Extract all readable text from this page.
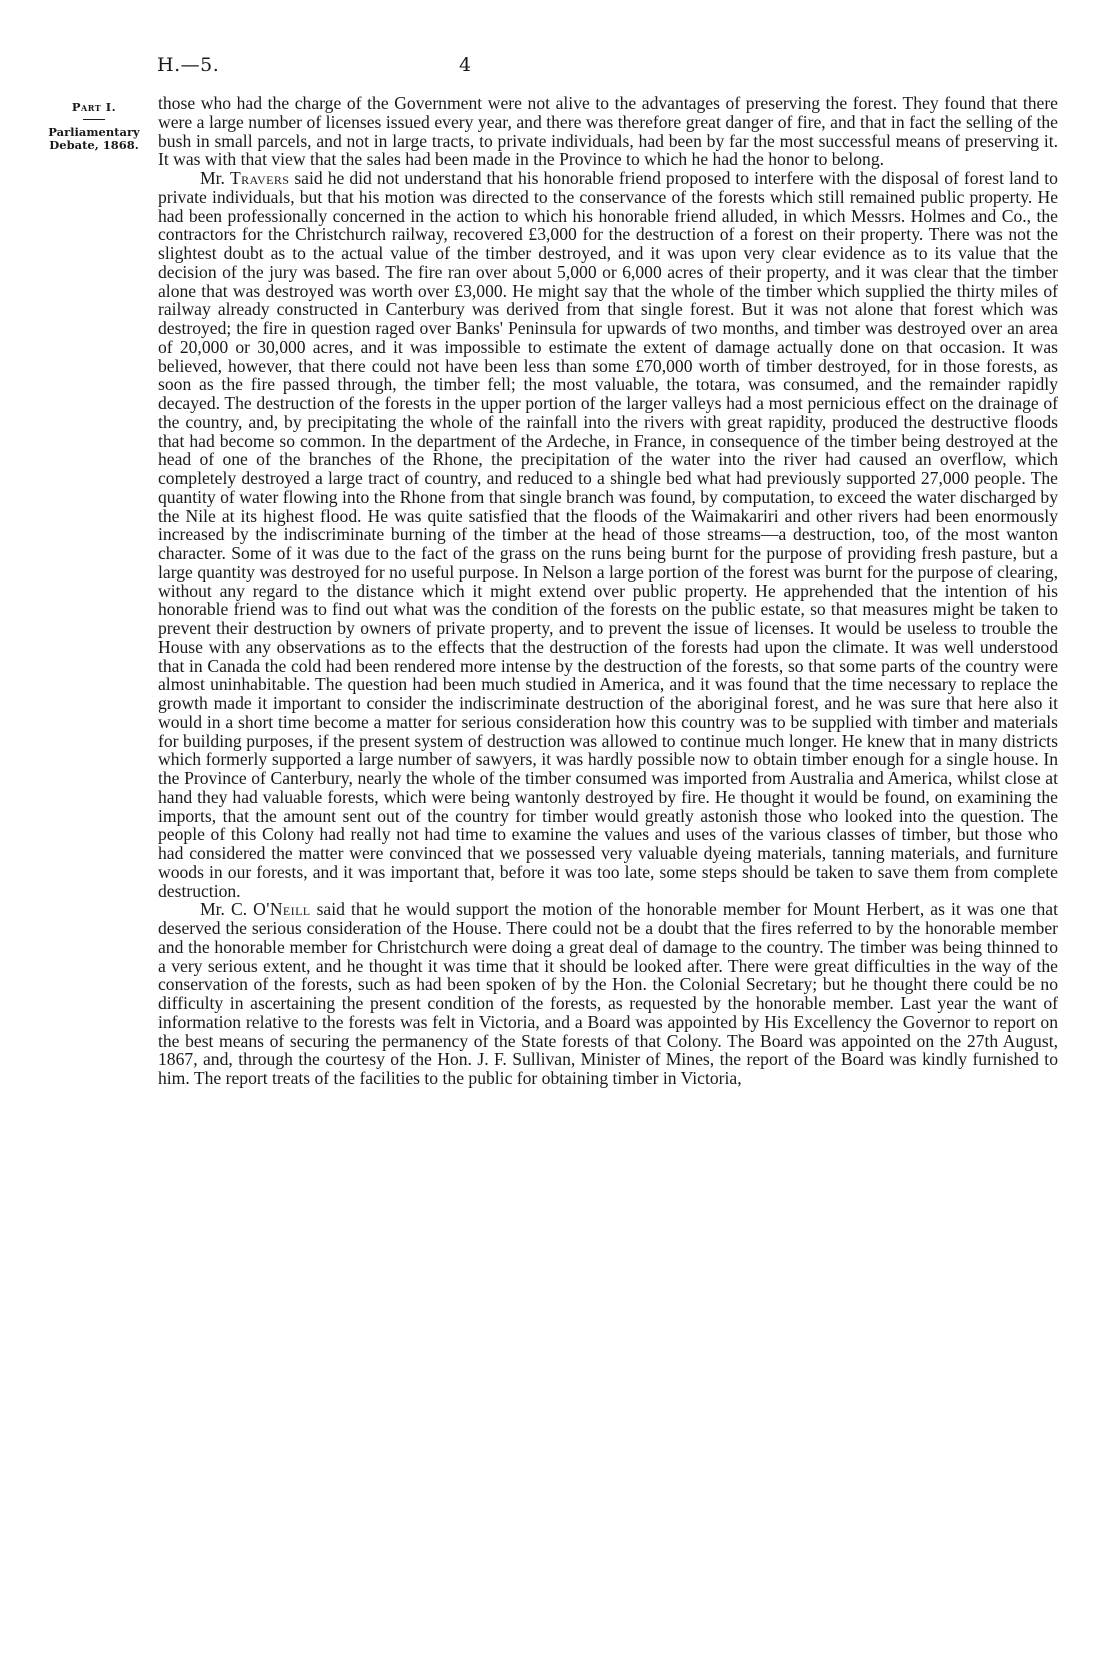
H.—5.	4
Part I.
Parliamentary Debate, 1868.

those who had the charge of the Government were not alive to the advantages of preserving the forest. They found that there were a large number of licenses issued every year, and there was therefore great danger of fire, and that in fact the selling of the bush in small parcels, and not in large tracts, to private individuals, had been by far the most successful means of preserving it. It was with that view that the sales had been made in the Province to which he had the honor to belong.

Mr. Travers said he did not understand that his honorable friend proposed to interfere with the disposal of forest land to private individuals, but that his motion was directed to the conservance of the forests which still remained public property. He had been professionally concerned in the action to which his honorable friend alluded, in which Messrs. Holmes and Co., the contractors for the Christchurch railway, recovered £3,000 for the destruction of a forest on their property. There was not the slightest doubt as to the actual value of the timber destroyed, and it was upon very clear evidence as to its value that the decision of the jury was based. The fire ran over about 5,000 or 6,000 acres of their property, and it was clear that the timber alone that was destroyed was worth over £3,000. He might say that the whole of the timber which supplied the thirty miles of railway already constructed in Canterbury was derived from that single forest. But it was not alone that forest which was destroyed; the fire in question raged over Banks' Peninsula for upwards of two months, and timber was destroyed over an area of 20,000 or 30,000 acres, and it was impossible to estimate the extent of damage actually done on that occasion. It was believed, however, that there could not have been less than some £70,000 worth of timber destroyed, for in those forests, as soon as the fire passed through, the timber fell; the most valuable, the totara, was consumed, and the remainder rapidly decayed. The destruction of the forests in the upper portion of the larger valleys had a most pernicious effect on the drainage of the country, and, by precipitating the whole of the rainfall into the rivers with great rapidity, produced the destructive floods that had become so common. In the department of the Ardeche, in France, in consequence of the timber being destroyed at the head of one of the branches of the Rhone, the precipitation of the water into the river had caused an overflow, which completely destroyed a large tract of country, and reduced to a shingle bed what had previously supported 27,000 people. The quantity of water flowing into the Rhone from that single branch was found, by computation, to exceed the water discharged by the Nile at its highest flood. He was quite satisfied that the floods of the Waimakariri and other rivers had been enormously increased by the indiscriminate burning of the timber at the head of those streams—a destruction, too, of the most wanton character. Some of it was due to the fact of the grass on the runs being burnt for the purpose of providing fresh pasture, but a large quantity was destroyed for no useful purpose. In Nelson a large portion of the forest was burnt for the purpose of clearing, without any regard to the distance which it might extend over public property. He apprehended that the intention of his honorable friend was to find out what was the condition of the forests on the public estate, so that measures might be taken to prevent their destruction by owners of private property, and to prevent the issue of licenses. It would be useless to trouble the House with any observations as to the effects that the destruction of the forests had upon the climate. It was well understood that in Canada the cold had been rendered more intense by the destruction of the forests, so that some parts of the country were almost uninhabitable. The question had been much studied in America, and it was found that the time necessary to replace the growth made it important to consider the indiscriminate destruction of the aboriginal forest, and he was sure that here also it would in a short time become a matter for serious consideration how this country was to be supplied with timber and materials for building purposes, if the present system of destruction was allowed to continue much longer. He knew that in many districts which formerly supported a large number of sawyers, it was hardly possible now to obtain timber enough for a single house. In the Province of Canterbury, nearly the whole of the timber consumed was imported from Australia and America, whilst close at hand they had valuable forests, which were being wantonly destroyed by fire. He thought it would be found, on examining the imports, that the amount sent out of the country for timber would greatly astonish those who looked into the question. The people of this Colony had really not had time to examine the values and uses of the various classes of timber, but those who had considered the matter were convinced that we possessed very valuable dyeing materials, tanning materials, and furniture woods in our forests, and it was important that, before it was too late, some steps should be taken to save them from complete destruction.

Mr. C. O'Neill said that he would support the motion of the honorable member for Mount Herbert, as it was one that deserved the serious consideration of the House. There could not be a doubt that the fires referred to by the honorable member and the honorable member for Christchurch were doing a great deal of damage to the country. The timber was being thinned to a very serious extent, and he thought it was time that it should be looked after. There were great difficulties in the way of the conservation of the forests, such as had been spoken of by the Hon. the Colonial Secretary; but he thought there could be no difficulty in ascertaining the present condition of the forests, as requested by the honorable member. Last year the want of information relative to the forests was felt in Victoria, and a Board was appointed by His Excellency the Governor to report on the best means of securing the permanency of the State forests of that Colony. The Board was appointed on the 27th August, 1867, and, through the courtesy of the Hon. J. F. Sullivan, Minister of Mines, the report of the Board was kindly furnished to him. The report treats of the facilities to the public for obtaining timber in Victoria,
